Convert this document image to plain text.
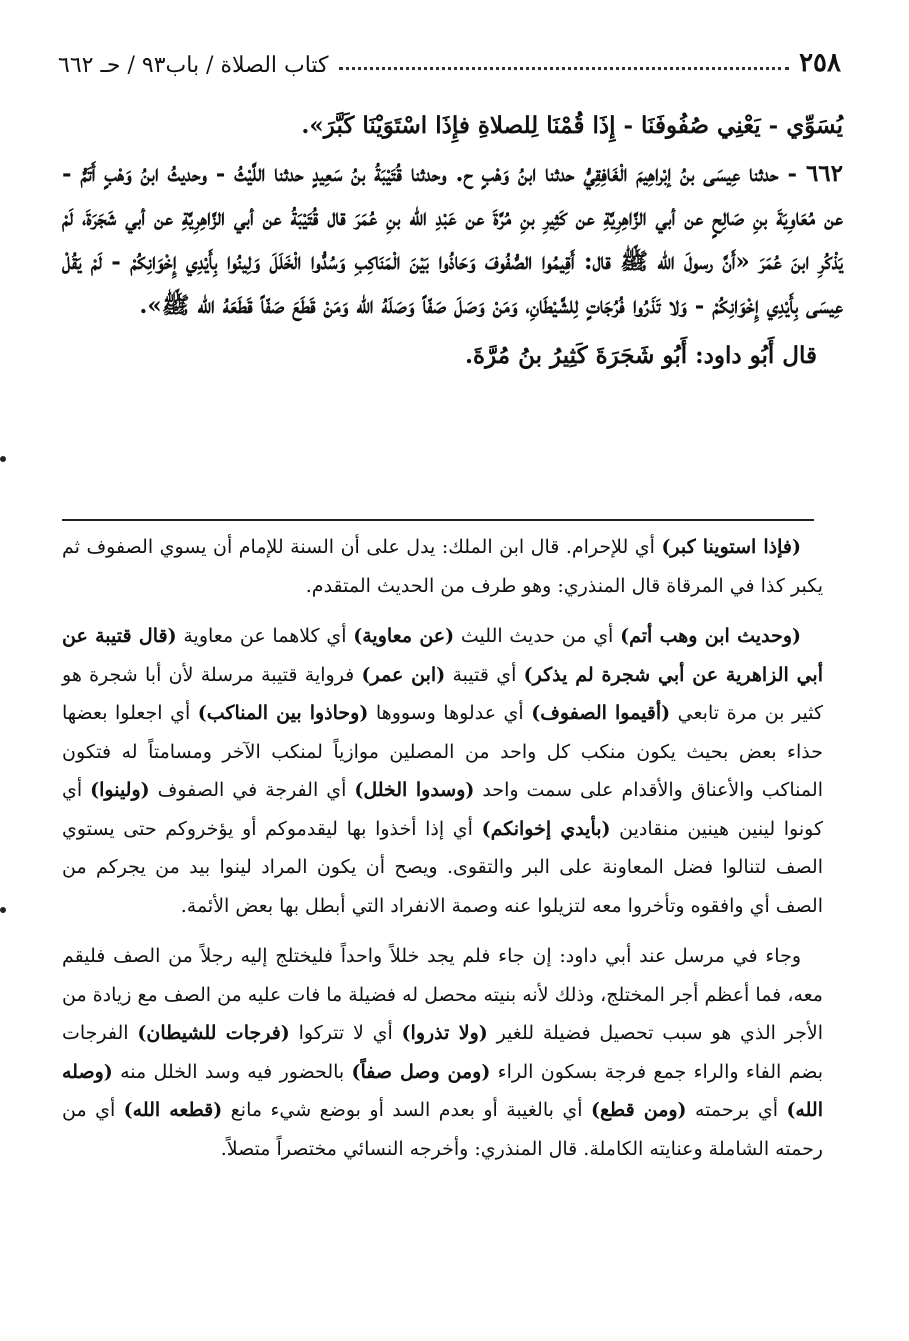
٢٥٨
كتاب الصلاة / باب٩٣ / حـ ٦٦٢

يُسَوِّي - يَعْنِي صُفُوفَنَا - إِذَا قُمْنَا لِلصلاةِ فإِذَا اسْتَوَيْنَا كَبَّرَ».

٦٦٢ - حدثنا عِيسَى بنُ إبْراهِيمَ الْغَافِقِيُّ حدثنا ابنُ وَهْبٍ ح. وحدثنا قُتَيْبَةُ بنُ سَعِيدٍ حدثنا اللَّيْثُ - وحديثُ ابنُ وَهْبٍ أَتَمُّ - عن مُعَاوِيَةَ بنِ صَالِحٍ عن أبي الزَّاهِرِيَّةِ عن كَثِيرِ بنِ مُرَّةَ عن عَبْدِ الله بنِ عُمَرَ قال قُتَيْبَةُ عن أبي الزَّاهِرِيَّةِ عن أبي شَجَرَةَ، لَمْ يَذْكُرِ ابنَ عُمَرَ «أَنَّ رسولَ الله ﷺ قال: أَقِيمُوا الصُّفُوفَ وَحَاذُوا بَيْنَ الْمَنَاكِبِ وَسُدُّوا الْخَلَلَ وَلِينُوا بِأَيْدِي إِخْوَانِكُمْ - لَمْ يَقُلْ عِيسَى بِأَيْدِي إِخْوَانِكُمْ - وَلا تَذَرُوا فُرُجَاتٍ لِلشَّيْطَانِ، وَمَنْ وَصَلَ صَفّاً وَصَلَهُ الله وَمَنْ قَطَعَ صَفّاً قَطَعَهُ الله ﷺ».

قال أَبُو داود: أَبُو شَجَرَةَ كَثِيرُ بنُ مُرَّةَ.

(فإذا استوينا كبر) أي للإحرام. قال ابن الملك: يدل على أن السنة للإمام أن يسوي الصفوف ثم يكبر كذا في المرقاة قال المنذري: وهو طرف من الحديث المتقدم.

(وحديث ابن وهب أتم) أي من حديث الليث (عن معاوية) أي كلاهما عن معاوية (قال قتيبة عن أبي الزاهرية عن أبي شجرة لم يذكر) أي قتيبة (ابن عمر) فرواية قتيبة مرسلة لأن أبا شجرة هو كثير بن مرة تابعي (أقيموا الصفوف) أي عدلوها وسووها (وحاذوا بين المناكب) أي اجعلوا بعضها حذاء بعض بحيث يكون منكب كل واحد من المصلين موازياً لمنكب الآخر ومسامتاً له فتكون المناكب والأعناق والأقدام على سمت واحد (وسدوا الخلل) أي الفرجة في الصفوف (ولينوا) أي كونوا لينين هينين منقادين (بأيدي إخوانكم) أي إذا أخذوا بها ليقدموكم أو يؤخروكم حتى يستوي الصف لتنالوا فضل المعاونة على البر والتقوى. ويصح أن يكون المراد لينوا بيد من يجركم من الصف أي وافقوه وتأخروا معه لتزيلوا عنه وصمة الانفراد التي أبطل بها بعض الأئمة.

وجاء في مرسل عند أبي داود: إن جاء فلم يجد خللاً واحداً فليختلج إليه رجلاً من الصف فليقم معه، فما أعظم أجر المختلج، وذلك لأنه بنيته محصل له فضيلة ما فات عليه من الصف مع زيادة من الأجر الذي هو سبب تحصيل فضيلة للغير (ولا تذروا) أي لا تتركوا (فرجات للشيطان) الفرجات بضم الفاء والراء جمع فرجة بسكون الراء (ومن وصل صفاً) بالحضور فيه وسد الخلل منه (وصله الله) أي برحمته (ومن قطع) أي بالغيبة أو بعدم السد أو بوضع شيء مانع (قطعه الله) أي من رحمته الشاملة وعنايته الكاملة. قال المنذري: وأخرجه النسائي مختصراً متصلاً.
